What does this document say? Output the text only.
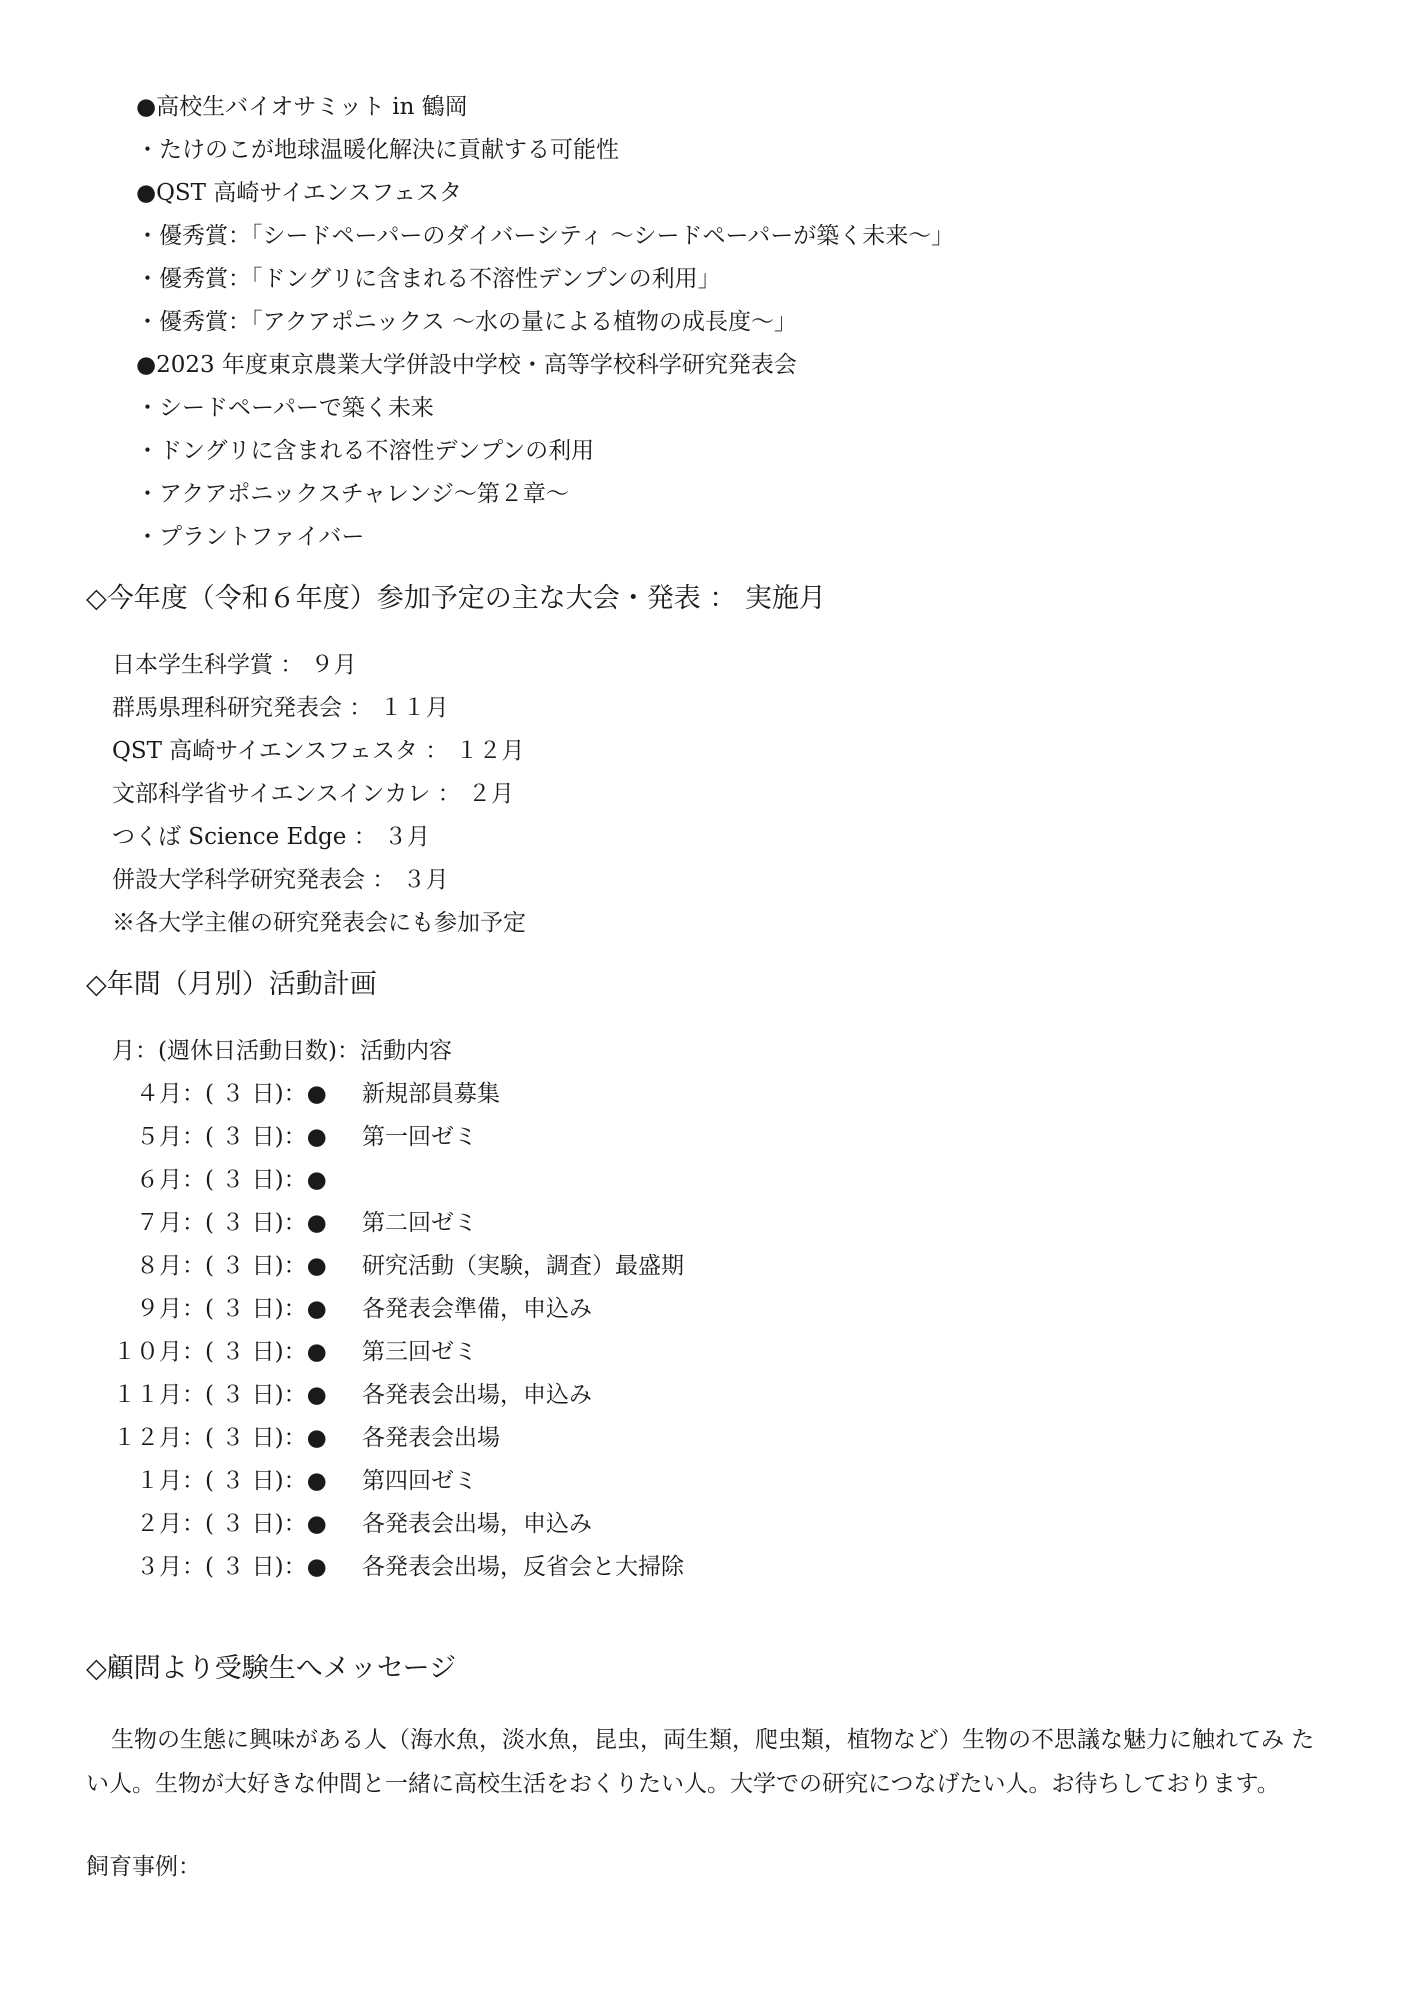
●高校生バイオサミット in 鶴岡
・たけのこが地球温暖化解決に貢献する可能性
●QST 高崎サイエンスフェスタ
・優秀賞：「シードペーパーのダイバーシティ ～シードペーパーが築く未来～」
・優秀賞：「ドングリに含まれる不溶性デンプンの利用」
・優秀賞：「アクアポニックス ～水の量による植物の成長度～」
●2023 年度東京農業大学併設中学校・高等学校科学研究発表会
・シードペーパーで築く未来
・ドングリに含まれる不溶性デンプンの利用
・アクアポニックスチャレンジ～第２章～
・プラントファイバー
◇今年度（令和６年度）参加予定の主な大会・発表 ： 実施月
日本学生科学賞 ： ９月
群馬県理科研究発表会 ： １１月
QST 高崎サイエンスフェスタ ： １２月
文部科学省サイエンスインカレ ： ２月
つくば Science Edge ： ３月
併設大学科学研究発表会 ： ３月
※各大学主催の研究発表会にも参加予定
◇年間（月別）活動計画
月：(週休日活動日数)：活動内容
４月 ：( ３ 日)：● 新規部員募集
５月 ：( ３ 日)：● 第一回ゼミ
６月 ：( ３ 日)：●
７月 ：( ３ 日)：● 第二回ゼミ
８月 ：( ３ 日)：● 研究活動（実験，調査）最盛期
９月 ：( ３ 日)：● 各発表会準備，申込み
１０月 ：( ３ 日)：● 第三回ゼミ
１１月 ：( ３ 日)：● 各発表会出場，申込み
１２月 ：( ３ 日)：● 各発表会出場
１月 ：( ３ 日)：● 第四回ゼミ
２月 ：( ３ 日)：● 各発表会出場，申込み
３月 ：( ３ 日)：● 各発表会出場，反省会と大掃除
◇顧問より受験生へメッセージ
生物の生態に興味がある人（海水魚，淡水魚，昆虫，両生類，爬虫類，植物など）生物の不思議な魅力に触れてみ たい人。生物が大好きな仲間と一緒に高校生活をおくりたい人。大学での研究につなげたい人。お待ちしております。
飼育事例：
